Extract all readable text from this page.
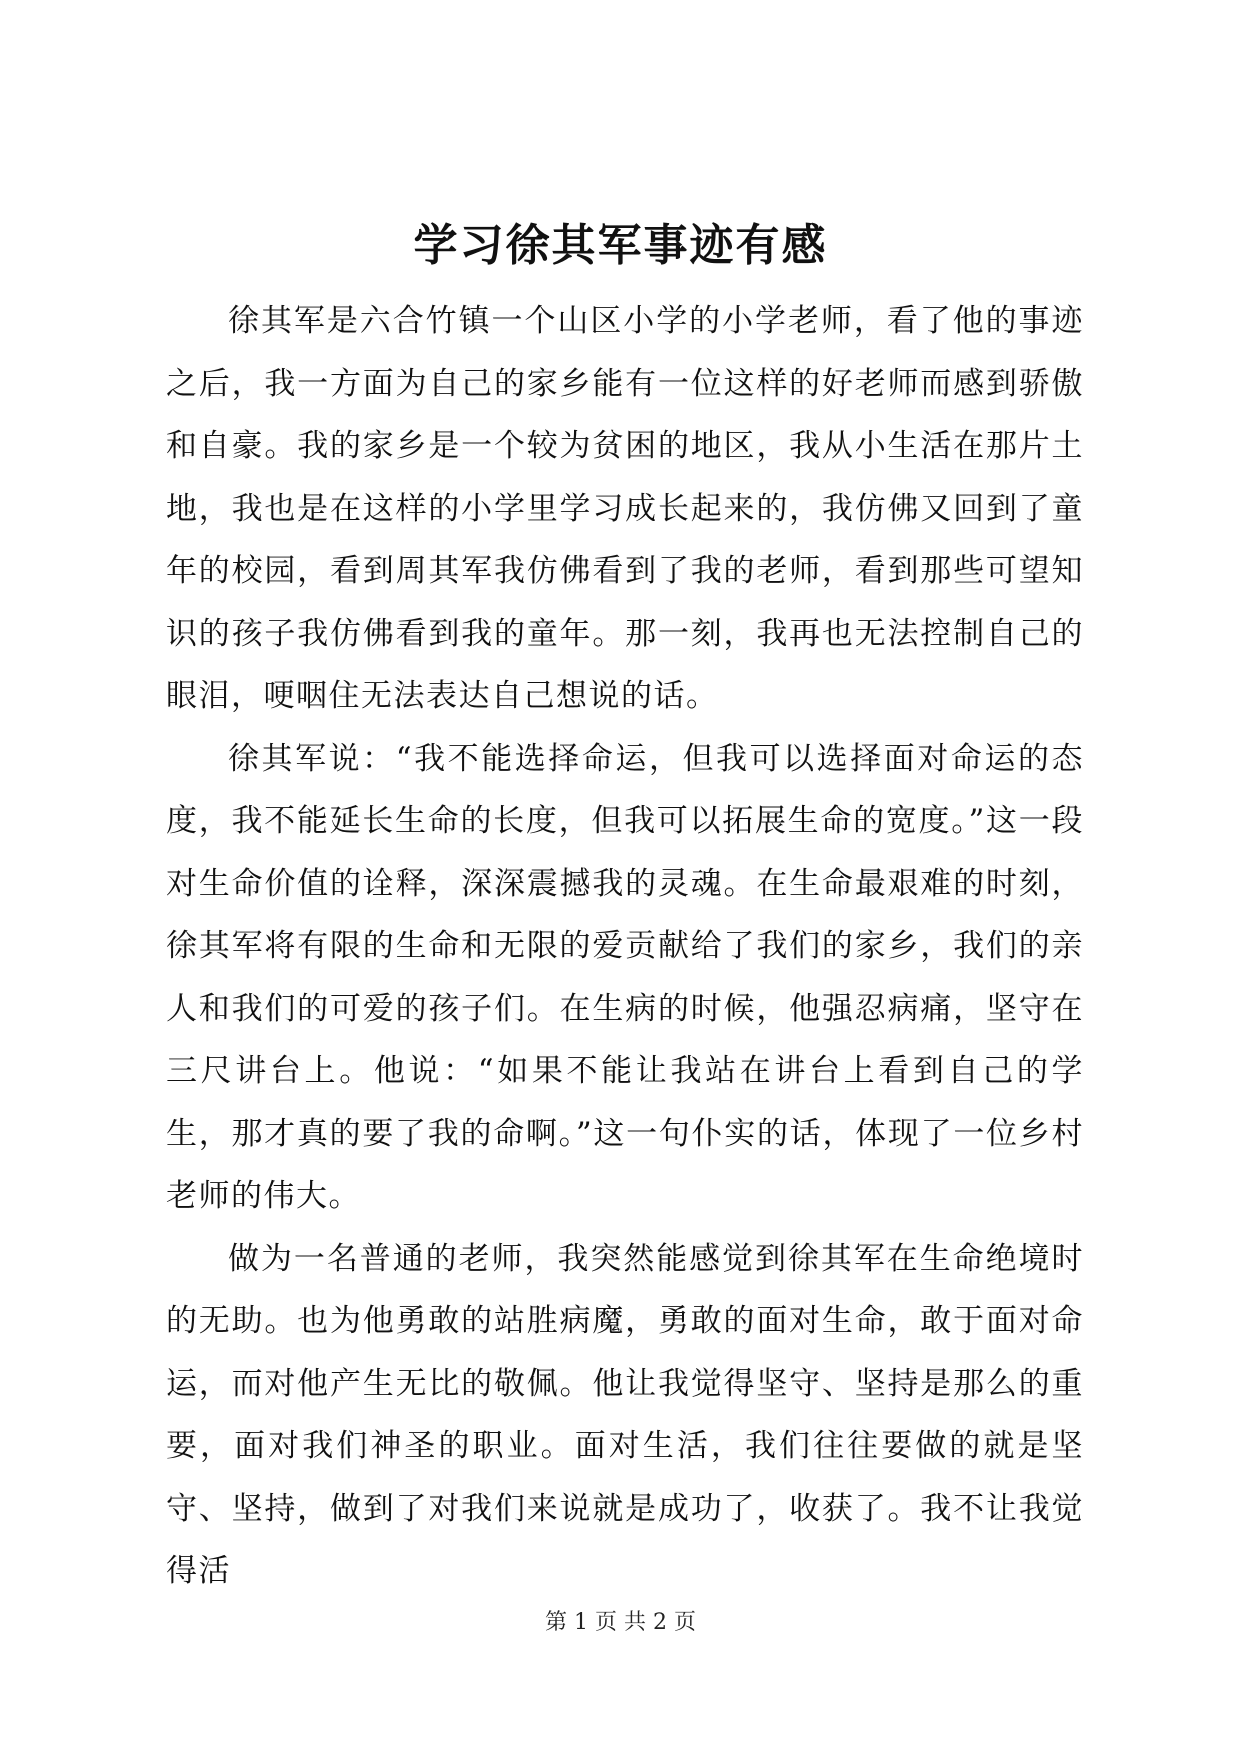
学习徐其军事迹有感

徐其军是六合竹镇一个山区小学的小学老师，看了他的事迹之后，我一方面为自己的家乡能有一位这样的好老师而感到骄傲和自豪。我的家乡是一个较为贫困的地区，我从小生活在那片土地，我也是在这样的小学里学习成长起来的，我仿佛又回到了童年的校园，看到周其军我仿佛看到了我的老师，看到那些可望知识的孩子我仿佛看到我的童年。那一刻，我再也无法控制自己的眼泪，哽咽住无法表达自己想说的话。

徐其军说：“我不能选择命运，但我可以选择面对命运的态度，我不能延长生命的长度，但我可以拓展生命的宽度。”这一段对生命价值的诠释，深深震撼我的灵魂。在生命最艰难的时刻，徐其军将有限的生命和无限的爱贡献给了我们的家乡，我们的亲人和我们的可爱的孩子们。在生病的时候，他强忍病痛，坚守在三尺讲台上。他说：“如果不能让我站在讲台上看到自己的学生，那才真的要了我的命啊。”这一句仆实的话，体现了一位乡村老师的伟大。

做为一名普通的老师，我突然能感觉到徐其军在生命绝境时的无助。也为他勇敢的站胜病魔，勇敢的面对生命，敢于面对命运，而对他产生无比的敬佩。他让我觉得坚守、坚持是那么的重要，面对我们神圣的职业。面对生活，我们往往要做的就是坚守、坚持，做到了对我们来说就是成功了，收获了。我不让我觉得活

第 1 页 共 2 页
